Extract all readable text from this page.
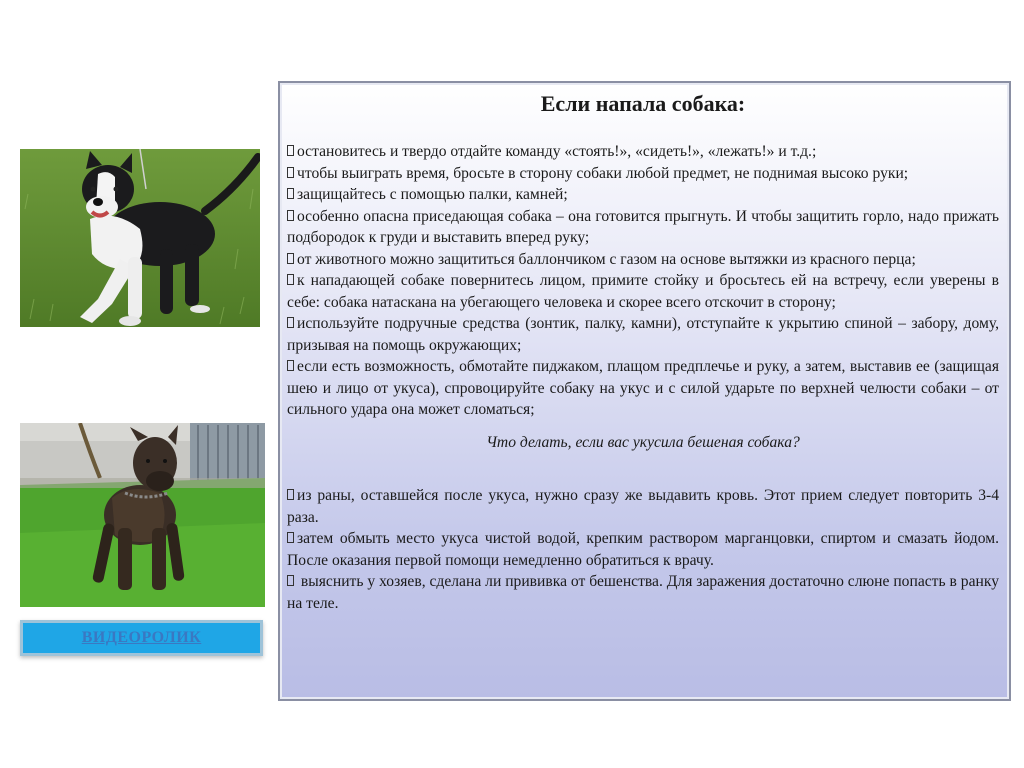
ВИДЕОРОЛИК
Если напала собака:

остановитесь и твердо отдайте команду «стоять!», «сидеть!», «лежать!» и т.д.;

чтобы выиграть время, бросьте в сторону собаки любой предмет, не поднимая высоко руки;

защищайтесь с помощью палки, камней;

особенно опасна приседающая собака – она готовится прыгнуть. И чтобы защитить горло, надо прижать подбородок к груди и выставить вперед руку;

от животного можно защититься баллончиком с газом на основе вытяжки из красного перца;

к нападающей собаке повернитесь лицом, примите стойку и бросьтесь ей на встречу, если уверены в себе: собака натаскана на убегающего человека и скорее всего отскочит в сторону;

используйте подручные средства (зонтик, палку, камни), отступайте к укрытию спиной – забору, дому, призывая на помощь окружающих;

если есть возможность, обмотайте пиджаком, плащом предплечье и руку, а затем, выставив ее (защищая шею и лицо от укуса), спровоцируйте собаку на укус и с силой ударьте по верхней челюсти собаки – от сильного удара она может сломаться;

Что делать, если вас укусила бешеная собака?

из раны, оставшейся после укуса, нужно сразу же выдавить кровь. Этот прием следует повторить 3-4 раза.

затем обмыть место укуса чистой водой, крепким раствором марганцовки, спиртом и смазать йодом. После оказания первой помощи немедленно обратиться к врачу.

выяснить у хозяев, сделана ли прививка от бешенства. Для заражения достаточно слюне попасть в ранку на теле.
